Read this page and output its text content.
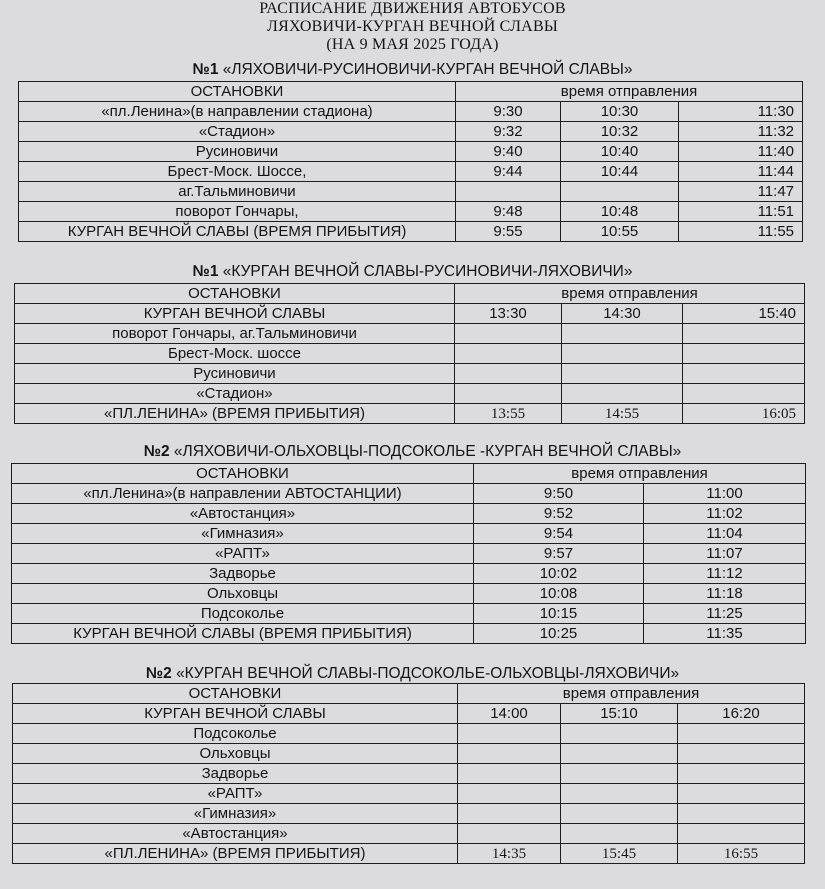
РАСПИСАНИЕ ДВИЖЕНИЯ АВТОБУСОВ
ЛЯХОВИЧИ-КУРГАН ВЕЧНОЙ СЛАВЫ
(НА 9 МАЯ 2025 ГОДА)
№1 «ЛЯХОВИЧИ-РУСИНОВИЧИ-КУРГАН ВЕЧНОЙ СЛАВЫ»
ОСТАНОВКИ	время отправления		
«пл.Ленина»(в направлении стадиона)	9:30	10:30	11:30
«Стадион»	9:32	10:32	11:32
Русиновичи	9:40	10:40	11:40
Брест-Моск. Шоссе,	9:44	10:44	11:44
аг.Тальминовичи			11:47
поворот Гончары,	9:48	10:48	11:51
КУРГАН ВЕЧНОЙ СЛАВЫ (ВРЕМЯ ПРИБЫТИЯ)	9:55	10:55	11:55
№1 «КУРГАН ВЕЧНОЙ СЛАВЫ-РУСИНОВИЧИ-ЛЯХОВИЧИ»
ОСТАНОВКИ	время отправления		
КУРГАН ВЕЧНОЙ СЛАВЫ	13:30	14:30	15:40
поворот Гончары, аг.Тальминовичи			
Брест-Моск. шоссе			
Русиновичи			
«Стадион»			
«ПЛ.ЛЕНИНА» (ВРЕМЯ ПРИБЫТИЯ)	13:55	14:55	16:05
№2 «ЛЯХОВИЧИ-ОЛЬХОВЦЫ-ПОДСОКОЛЬЕ -КУРГАН ВЕЧНОЙ СЛАВЫ»
ОСТАНОВКИ	время отправления	
«пл.Ленина»(в направлении АВТОСТАНЦИИ)	9:50	11:00
«Автостанция»	9:52	11:02
«Гимназия»	9:54	11:04
«РАПТ»	9:57	11:07
Задворье	10:02	11:12
Ольховцы	10:08	11:18
Подсоколье	10:15	11:25
КУРГАН ВЕЧНОЙ СЛАВЫ (ВРЕМЯ ПРИБЫТИЯ)	10:25	11:35
№2 «КУРГАН ВЕЧНОЙ СЛАВЫ-ПОДСОКОЛЬЕ-ОЛЬХОВЦЫ-ЛЯХОВИЧИ»
ОСТАНОВКИ	время отправления		
КУРГАН ВЕЧНОЙ СЛАВЫ	14:00	15:10	16:20
Подсоколье			
Ольховцы			
Задворье			
«РАПТ»			
«Гимназия»			
«Автостанция»			
«ПЛ.ЛЕНИНА» (ВРЕМЯ ПРИБЫТИЯ)	14:35	15:45	16:55
